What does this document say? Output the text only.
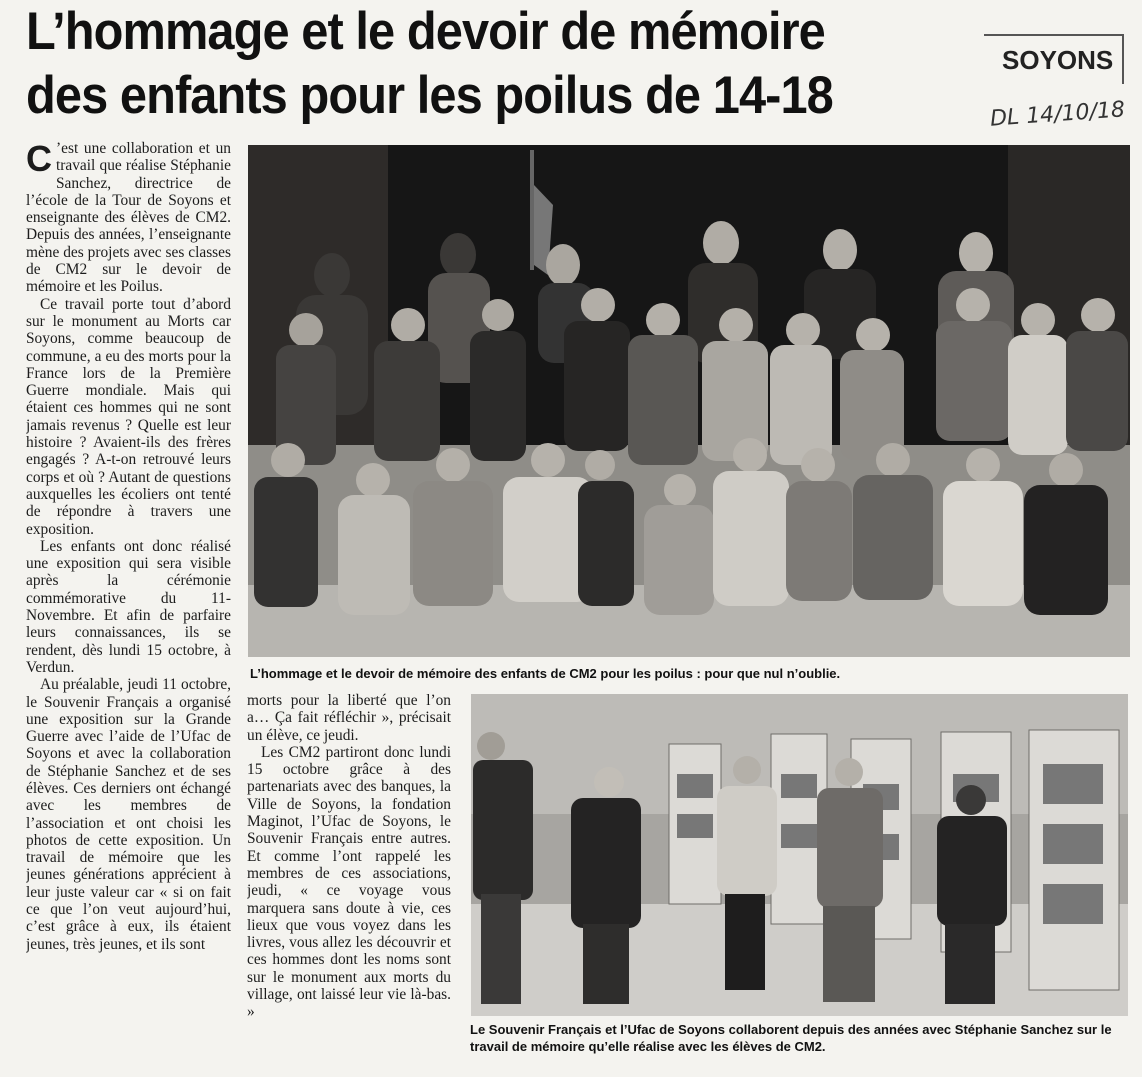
L’hommage et le devoir de mémoire
des enfants pour les poilus de 14-18
SOYONS
DL 14/10/18

C ’est une collaboration et un travail que réalise Stéphanie Sanchez, directrice de l’école de la Tour de Soyons et enseignante des élèves de CM2. Depuis des années, l’enseignante mène des projets avec ses classes de CM2 sur le devoir de mémoire et les Poilus.

Ce travail porte tout d’abord sur le monument au Morts car Soyons, comme beaucoup de commune, a eu des morts pour la France lors de la Première Guerre mondiale. Mais qui étaient ces hommes qui ne sont jamais revenus ? Quelle est leur histoire ? Avaient-ils des frères engagés ? A-t-on retrouvé leurs corps et où ? Autant de questions auxquelles les écoliers ont tenté de répondre à travers une exposition.

Les enfants ont donc réalisé une exposition qui sera visible après la cérémonie commémorative du 11-Novembre. Et afin de parfaire leurs connaissances, ils se rendent, dès lundi 15 octobre, à Verdun.

Au préalable, jeudi 11 octobre, le Souvenir Français a organisé une exposition sur la Grande Guerre avec l’aide de l’Ufac de Soyons et avec la collaboration de Stéphanie Sanchez et de ses élèves. Ces derniers ont échangé avec les membres de l’association et ont choisi les photos de cette exposition. Un travail de mémoire que les jeunes générations apprécient à leur juste valeur car « si on fait ce que l’on veut aujourd’hui, c’est grâce à eux, ils étaient jeunes, très jeunes, et ils sont

morts pour la liberté que l’on a… Ça fait réfléchir », précisait un élève, ce jeudi.

Les CM2 partiront donc lundi 15 octobre grâce à des partenariats avec des banques, la Ville de Soyons, la fondation Maginot, l’Ufac de Soyons, le Souvenir Français entre autres. Et comme l’ont rappelé les membres de ces associations, jeudi, « ce voyage vous marquera sans doute à vie, ces lieux que vous voyez dans les livres, vous allez les découvrir et ces hommes dont les noms sont sur le monument aux morts du village, ont laissé leur vie là-bas. »

L’hommage et le devoir de mémoire des enfants de CM2 pour les poilus : pour que nul n’oublie.
Le Souvenir Français et l’Ufac de Soyons collaborent depuis des années avec Stéphanie Sanchez sur le travail de mémoire qu’elle réalise avec les élèves de CM2.
